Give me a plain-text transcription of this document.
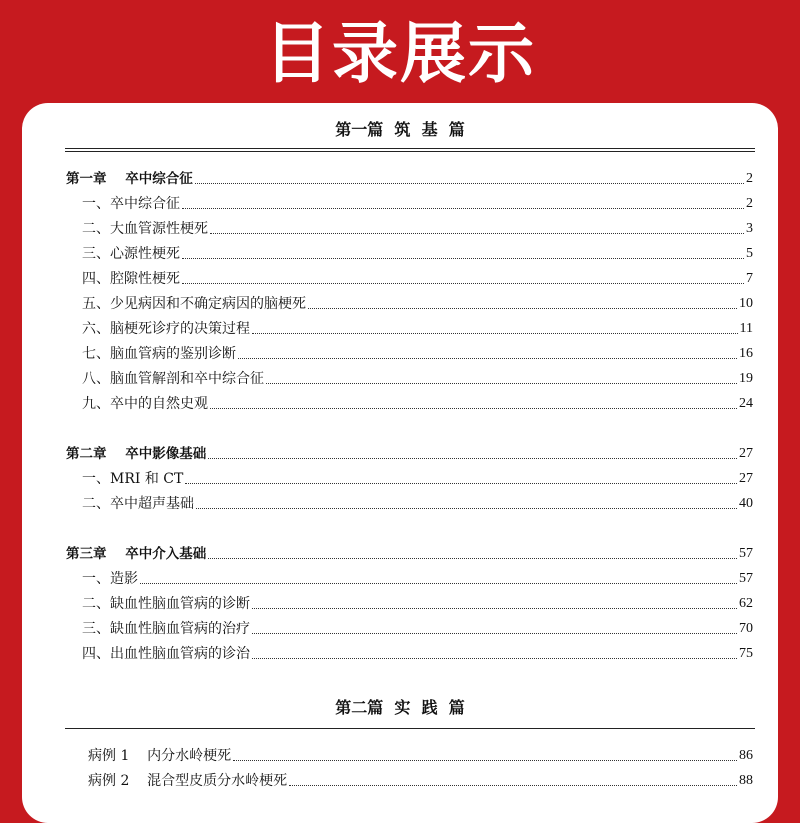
目录展示
第一篇  筑  基  篇
第一章    卒中综合征	2
一、卒中综合征	2
二、大血管源性梗死	3
三、心源性梗死	5
四、腔隙性梗死	7
五、少见病因和不确定病因的脑梗死	10
六、脑梗死诊疗的决策过程	11
七、脑血管病的鉴别诊断	16
八、脑血管解剖和卒中综合征	19
九、卒中的自然史观	24
第二章    卒中影像基础	27
一、MRI 和 CT	27
二、卒中超声基础	40
第三章    卒中介入基础	57
一、造影	57
二、缺血性脑血管病的诊断	62
三、缺血性脑血管病的治疗	70
四、出血性脑血管病的诊治	75
第二篇  实  践  篇
病例 1    内分水岭梗死	86
病例 2    混合型皮质分水岭梗死	88
